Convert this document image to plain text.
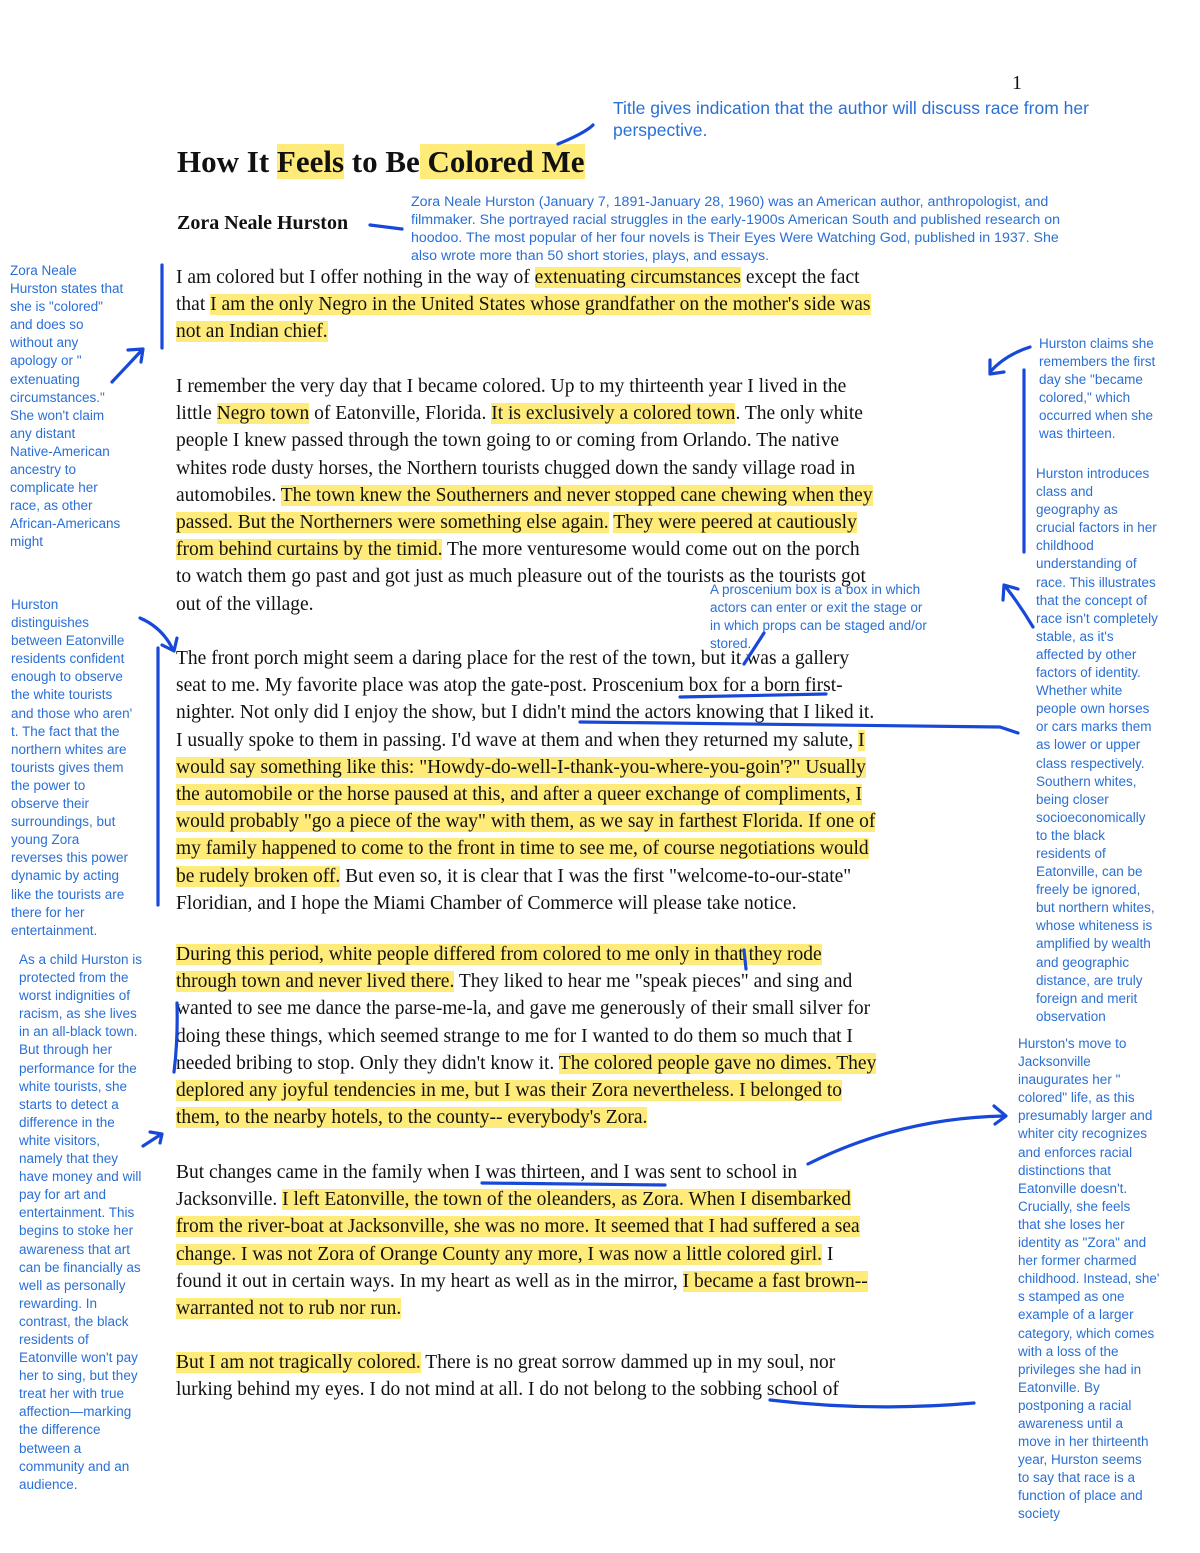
1
How It Feels to Be Colored Me
Zora Neale Hurston
I am colored but I offer nothing in the way of extenuating circumstances except the fact
that I am the only Negro in the United States whose grandfather on the mother's side was
not an Indian chief.
I remember the very day that I became colored. Up to my thirteenth year I lived in the
little Negro town of Eatonville, Florida. It is exclusively a colored town. The only white
people I knew passed through the town going to or coming from Orlando. The native
whites rode dusty horses, the Northern tourists chugged down the sandy village road in
automobiles. The town knew the Southerners and never stopped cane chewing when they
passed. But the Northerners were something else again. They were peered at cautiously
from behind curtains by the timid. The more venturesome would come out on the porch
to watch them go past and got just as much pleasure out of the tourists as the tourists got
out of the village.
The front porch might seem a daring place for the rest of the town, but it was a gallery
seat to me. My favorite place was atop the gate-post. Proscenium box for a born first-
nighter. Not only did I enjoy the show, but I didn't mind the actors knowing that I liked it.
I usually spoke to them in passing. I'd wave at them and when they returned my salute, I
would say something like this: "Howdy-do-well-I-thank-you-where-you-goin'?" Usually
the automobile or the horse paused at this, and after a queer exchange of compliments, I
would probably "go a piece of the way" with them, as we say in farthest Florida. If one of
my family happened to come to the front in time to see me, of course negotiations would
be rudely broken off. But even so, it is clear that I was the first "welcome-to-our-state"
Floridian, and I hope the Miami Chamber of Commerce will please take notice.
During this period, white people differed from colored to me only in that they rode
through town and never lived there. They liked to hear me "speak pieces" and sing and
wanted to see me dance the parse-me-la, and gave me generously of their small silver for
doing these things, which seemed strange to me for I wanted to do them so much that I
needed bribing to stop. Only they didn't know it. The colored people gave no dimes. They
deplored any joyful tendencies in me, but I was their Zora nevertheless. I belonged to
them, to the nearby hotels, to the county-- everybody's Zora.
But changes came in the family when I was thirteen, and I was sent to school in
Jacksonville. I left Eatonville, the town of the oleanders, as Zora. When I disembarked
from the river-boat at Jacksonville, she was no more. It seemed that I had suffered a sea
change. I was not Zora of Orange County any more, I was now a little colored girl. I
found it out in certain ways. In my heart as well as in the mirror, I became a fast brown--
warranted not to rub nor run.
But I am not tragically colored. There is no great sorrow dammed up in my soul, nor
lurking behind my eyes. I do not mind at all. I do not belong to the sobbing school of
Title gives indication that the author will discuss race from her
perspective.
Zora Neale Hurston (January 7, 1891-January 28, 1960) was an American author, anthropologist, and
filmmaker. She portrayed racial struggles in the early-1900s American South and published research on
hoodoo. The most popular of her four novels is Their Eyes Were Watching God, published in 1937. She
also wrote more than 50 short stories, plays, and essays.
Zora Neale
Hurston states that
she is "colored"
and does so
without any
apology or "
extenuating
circumstances."
She won't claim
any distant
Native-American
ancestry to
complicate her
race, as other
African-Americans
might
Hurston
distinguishes
between Eatonville
residents confident
enough to observe
the white tourists
and those who aren'
t. The fact that the
northern whites are
tourists gives them
the power to
observe their
surroundings, but
young Zora
reverses this power
dynamic by acting
like the tourists are
there for her
entertainment.
As a child Hurston is
protected from the
worst indignities of
racism, as she lives
in an all-black town.
But through her
performance for the
white tourists, she
starts to detect a
difference in the
white visitors,
namely that they
have money and will
pay for art and
entertainment. This
begins to stoke her
awareness that art
can be financially as
well as personally
rewarding. In
contrast, the black
residents of
Eatonville won't pay
her to sing, but they
treat her with true
affection—marking
the difference
between a
community and an
audience.
Hurston claims she
remembers the first
day she "became
colored," which
occurred when she
was thirteen.
Hurston introduces
class and
geography as
crucial factors in her
childhood
understanding of
race. This illustrates
that the concept of
race isn't completely
stable, as it's
affected by other
factors of identity.
Whether white
people own horses
or cars marks them
as lower or upper
class respectively.
Southern whites,
being closer
socioeconomically
to the black
residents of
Eatonville, can be
freely be ignored,
but northern whites,
whose whiteness is
amplified by wealth
and geographic
distance, are truly
foreign and merit
observation
Hurston's move to
Jacksonville
inaugurates her "
colored" life, as this
presumably larger and
whiter city recognizes
and enforces racial
distinctions that
Eatonville doesn't.
Crucially, she feels
that she loses her
identity as "Zora" and
her former charmed
childhood. Instead, she'
s stamped as one
example of a larger
category, which comes
with a loss of the
privileges she had in
Eatonville. By
postponing a racial
awareness until a
move in her thirteenth
year, Hurston seems
to say that race is a
function of place and
society
A proscenium box is a box in which
actors can enter or exit the stage or
in which props can be staged and/or
stored.
